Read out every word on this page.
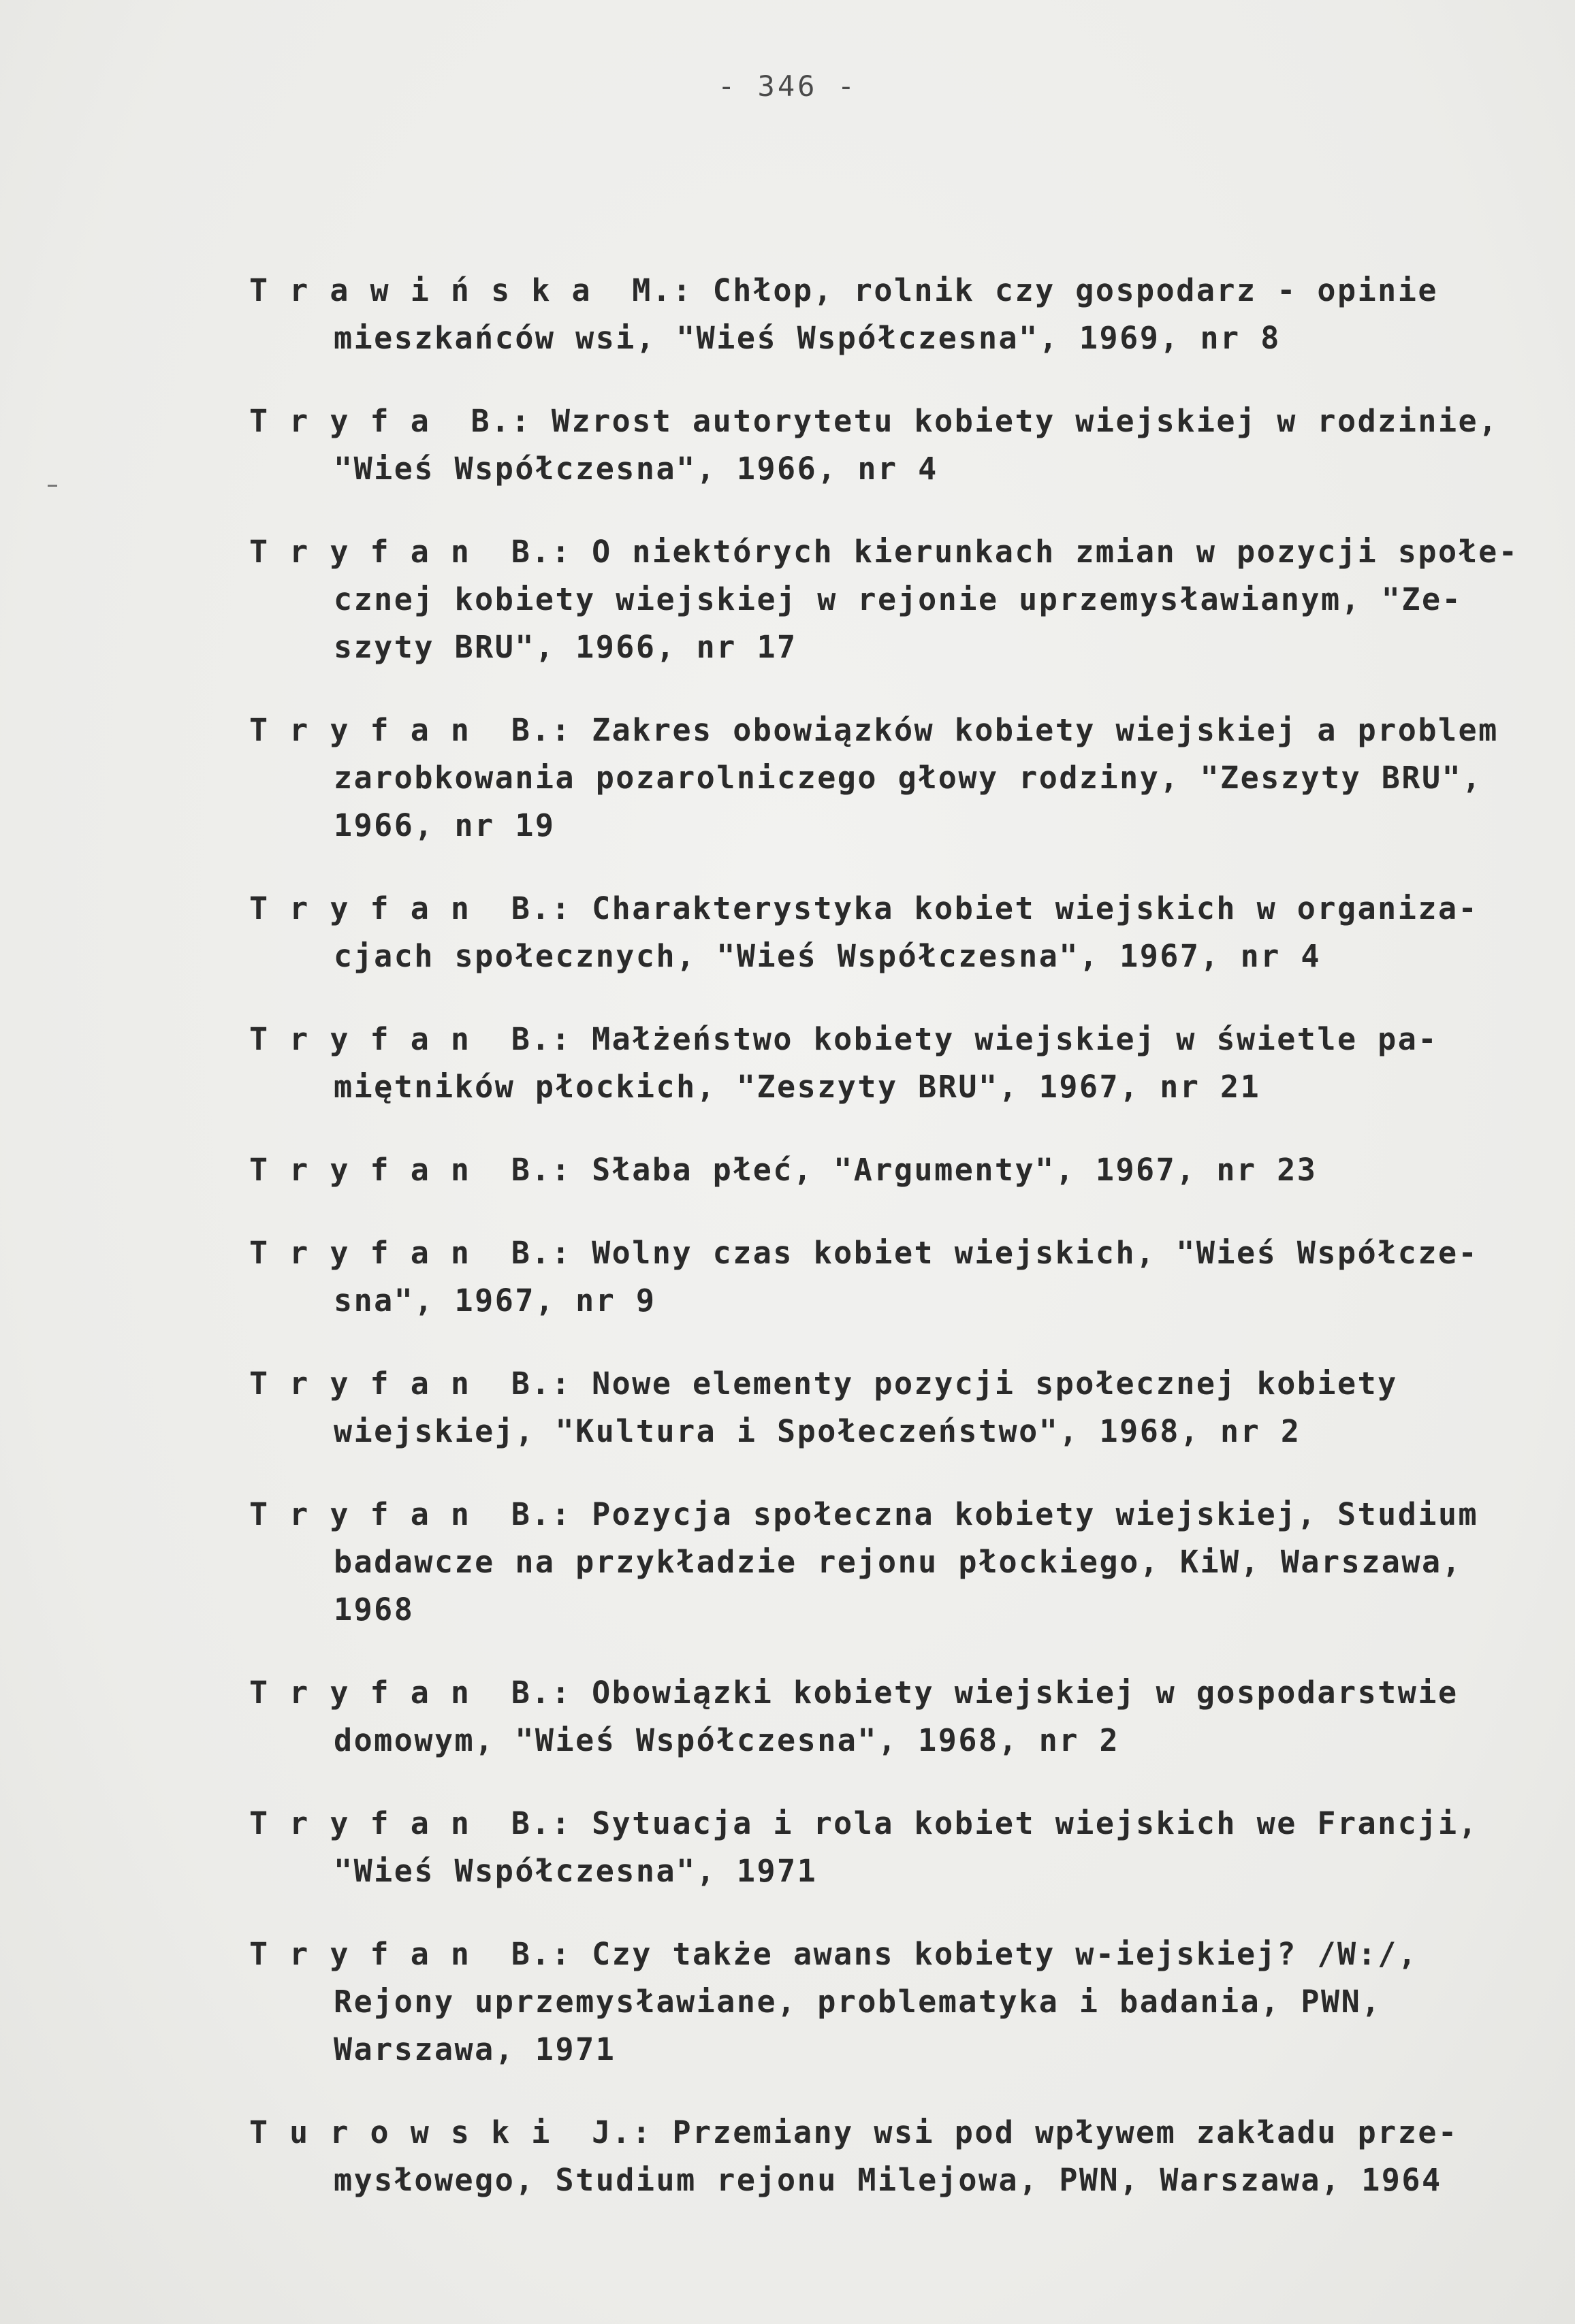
- 346 -
T r a w i ń s k a  M.: Chłop, rolnik czy gospodarz - opinie
mieszkańców wsi, "Wieś Współczesna", 1969, nr 8
T r y f a  B.: Wzrost autorytetu kobiety wiejskiej w rodzinie,
"Wieś Współczesna", 1966, nr 4
T r y f a n  B.: O niektórych kierunkach zmian w pozycji społe-
cznej kobiety wiejskiej w rejonie uprzemysławianym, "Ze-
szyty BRU", 1966, nr 17
T r y f a n  B.: Zakres obowiązków kobiety wiejskiej a problem
zarobkowania pozarolniczego głowy rodziny, "Zeszyty BRU",
1966, nr 19
T r y f a n  B.: Charakterystyka kobiet wiejskich w organiza-
cjach społecznych, "Wieś Współczesna", 1967, nr 4
T r y f a n  B.: Małżeństwo kobiety wiejskiej w świetle pa-
miętników płockich, "Zeszyty BRU", 1967, nr 21
T r y f a n  B.: Słaba płeć, "Argumenty", 1967, nr 23
T r y f a n  B.: Wolny czas kobiet wiejskich, "Wieś Współcze-
sna", 1967, nr 9
T r y f a n  B.: Nowe elementy pozycji społecznej kobiety
wiejskiej, "Kultura i Społeczeństwo", 1968, nr 2
T r y f a n  B.: Pozycja społeczna kobiety wiejskiej, Studium
badawcze na przykładzie rejonu płockiego, KiW, Warszawa,
1968
T r y f a n  B.: Obowiązki kobiety wiejskiej w gospodarstwie
domowym, "Wieś Współczesna", 1968, nr 2
T r y f a n  B.: Sytuacja i rola kobiet wiejskich we Francji,
"Wieś Współczesna", 1971
T r y f a n  B.: Czy także awans kobiety w-iejskiej? /W:/,
Rejony uprzemysławiane, problematyka i badania, PWN,
Warszawa, 1971
T u r o w s k i  J.: Przemiany wsi pod wpływem zakładu prze-
mysłowego, Studium rejonu Milejowa, PWN, Warszawa, 1964
